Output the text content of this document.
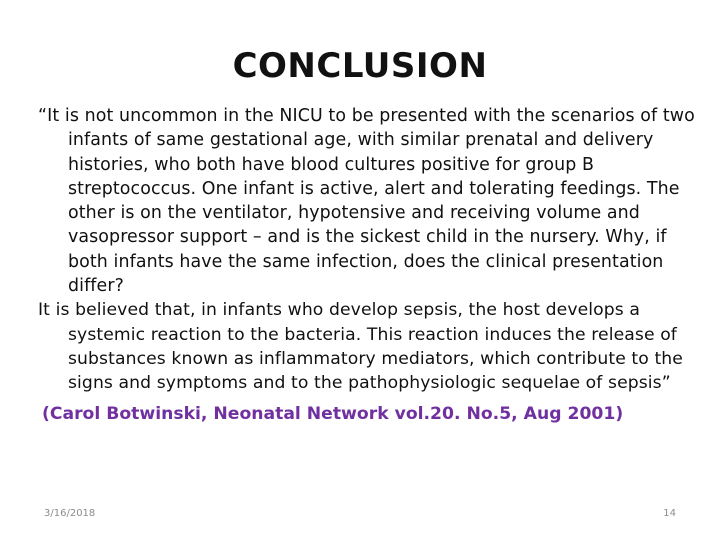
CONCLUSION

“It is not uncommon in the NICU to be presented with the scenarios of two infants of same gestational age, with similar prenatal and delivery histories, who both have blood cultures positive for group B streptococcus. One infant is active, alert and tolerating feedings. The other is on the ventilator, hypotensive and receiving volume and vasopressor support – and is the sickest child in the nursery. Why, if both infants have the same infection, does the clinical presentation differ?

It is believed that, in infants who develop sepsis, the host develops a systemic reaction to the bacteria. This reaction induces the release of substances known as inflammatory mediators, which contribute to the signs and symptoms and to the pathophysiologic sequelae of sepsis”

(Carol Botwinski, Neonatal Network vol.20. No.5, Aug 2001)

3/16/2018	14
